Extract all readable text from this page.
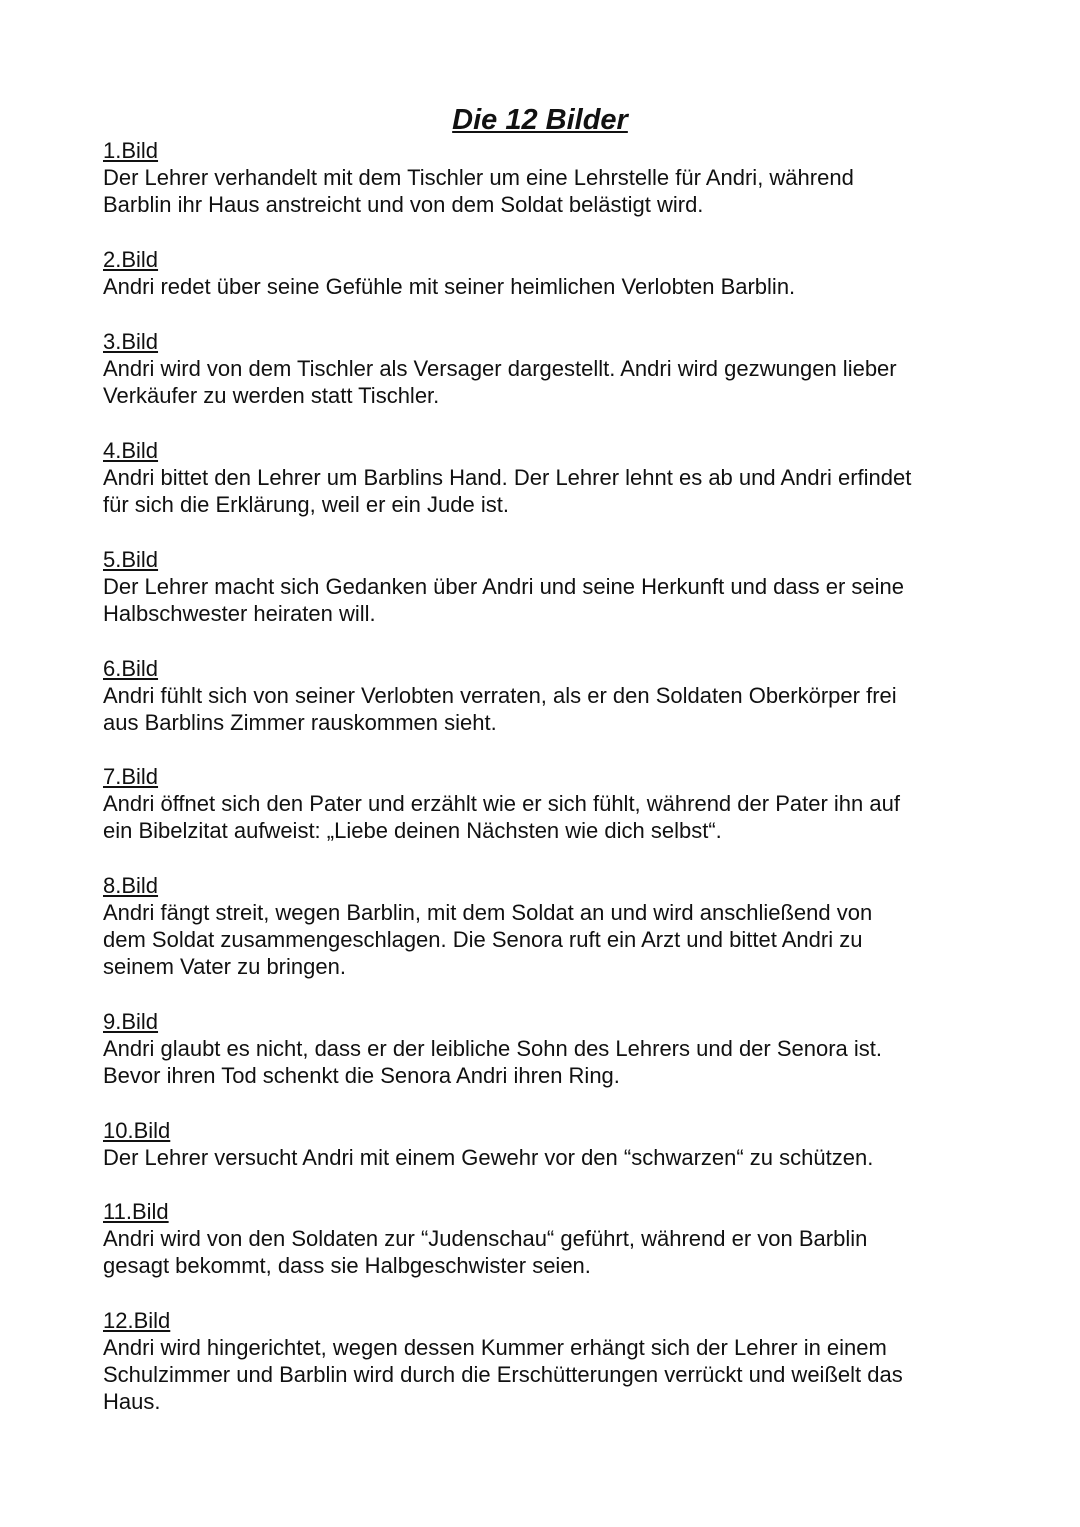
Die 12 Bilder

1.Bild

Der Lehrer verhandelt mit dem Tischler um eine Lehrstelle für Andri, während

Barblin ihr Haus anstreicht und von dem Soldat belästigt wird.

2.Bild

Andri redet über seine Gefühle mit seiner heimlichen Verlobten Barblin.

3.Bild

Andri wird von dem Tischler als Versager dargestellt. Andri wird gezwungen lieber

Verkäufer zu werden statt Tischler.

4.Bild

Andri bittet den Lehrer um Barblins Hand. Der Lehrer lehnt es ab und Andri erfindet

für sich die Erklärung, weil er ein Jude ist.

5.Bild

Der Lehrer macht sich Gedanken über Andri und seine Herkunft und dass er seine

Halbschwester heiraten will.

6.Bild

Andri fühlt sich von seiner Verlobten verraten, als er den Soldaten Oberkörper frei

aus Barblins Zimmer rauskommen sieht.

7.Bild

Andri öffnet sich den Pater und erzählt wie er sich fühlt, während der Pater ihn auf

ein Bibelzitat aufweist: „Liebe deinen Nächsten wie dich selbst“.

8.Bild

Andri fängt streit, wegen Barblin, mit dem Soldat an und wird anschließend von

dem Soldat zusammengeschlagen. Die Senora ruft ein Arzt und bittet Andri zu

seinem Vater zu bringen.

9.Bild

Andri glaubt es nicht, dass er der leibliche Sohn des Lehrers und der Senora ist.

Bevor ihren Tod schenkt die Senora Andri ihren Ring.

10.Bild

Der Lehrer versucht Andri mit einem Gewehr vor den “schwarzen“ zu schützen.

11.Bild

Andri wird von den Soldaten zur “Judenschau“ geführt, während er von Barblin

gesagt bekommt, dass sie Halbgeschwister seien.

12.Bild

Andri wird hingerichtet, wegen dessen Kummer erhängt sich der Lehrer in einem

Schulzimmer und Barblin wird durch die Erschütterungen verrückt und weißelt das

Haus.
